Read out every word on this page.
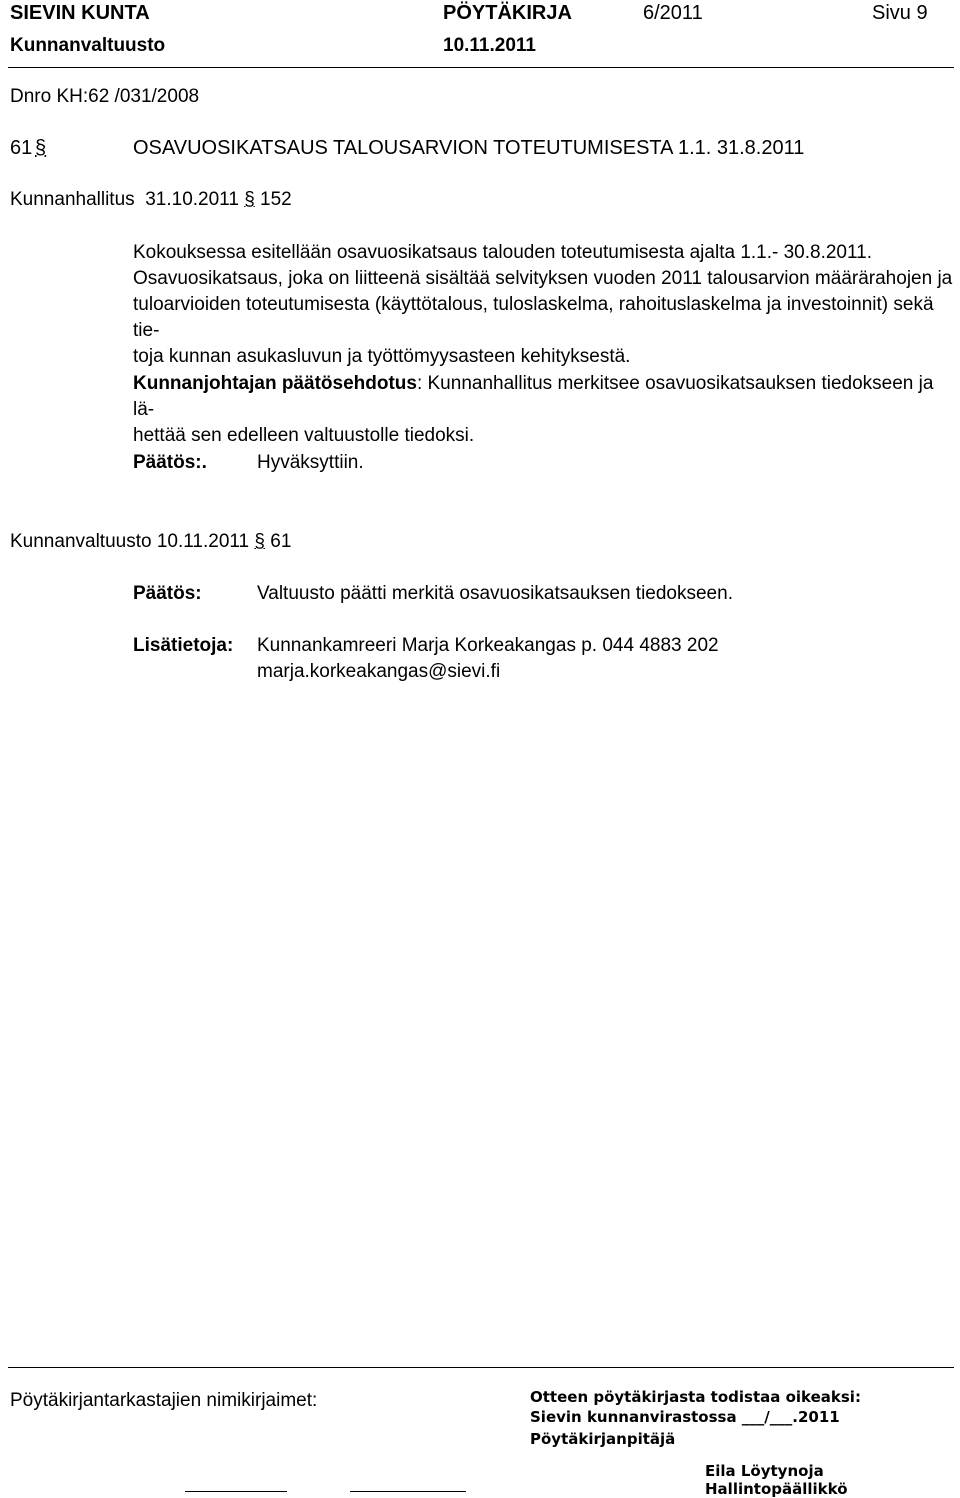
SIEVIN KUNTA	PÖYTÄKIRJA	6/2011	Sivu 9
Kunnanvaltuusto	10.11.2011
Dnro KH:62 /031/2008
61 §	OSAVUOSIKATSAUS TALOUSARVION TOTEUTUMISESTA 1.1. 31.8.2011
Kunnanhallitus 31.10.2011 § 152
Kokouksessa esitellään osavuosikatsaus talouden toteutumisesta ajalta 1.1.- 30.8.2011.
Osavuosikatsaus, joka on liitteenä sisältää selvityksen vuoden 2011 talousarvion määrärahojen ja
tuloarvioiden toteutumisesta (käyttötalous, tuloslaskelma, rahoituslaskelma ja investoinnit) sekä tie-
toja kunnan asukasluvun ja työttömyysasteen kehityksestä.
Kunnanjohtajan päätösehdotus: Kunnanhallitus merkitsee osavuosikatsauksen tiedokseen ja lä-
hettää sen edelleen valtuustolle tiedoksi.
Päätös:.	Hyväksyttiin.
Kunnanvaltuusto 10.11.2011 § 61
Päätös:	Valtuusto päätti merkitä osavuosikatsauksen tiedokseen.
Lisätietoja: Kunnankamreeri Marja Korkeakangas p. 044 4883 202
marja.korkeakangas@sievi.fi
Pöytäkirjantarkastajien nimikirjaimet:	Otteen pöytäkirjasta todistaa oikeaksi:
Sievin kunnanvirastossa ___/___.2011
Pöytäkirjanpitäjä
Eila Löytynoja
Hallintopäällikkö
